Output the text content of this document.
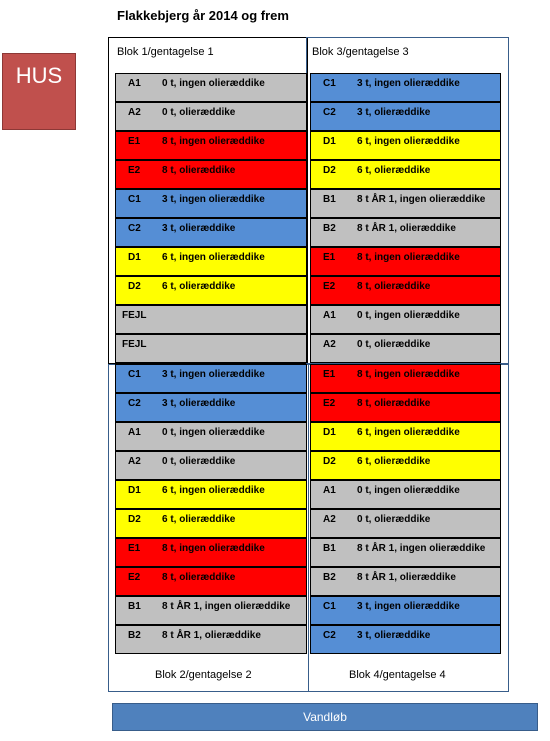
Flakkebjerg år 2014 og frem
HUS
Blok 1/gentagelse 1	Blok 3/gentagelse 3
Blok 2/gentagelse 2	Blok 4/gentagelse 4
A1	0 t, ingen olieræddike
A2	0 t, olieræddike
E1	8 t, ingen olieræddike
E2	8 t, olieræddike
C1	3 t, ingen olieræddike
C2	3 t, olieræddike
D1	6 t, ingen olieræddike
D2	6 t, olieræddike
FEJL
FEJL
C1	3 t, ingen olieræddike
C2	3 t, olieræddike
D1	6 t, ingen olieræddike
D2	6 t, olieræddike
B1	8 t ÅR 1, ingen olieræddike
B2	8 t ÅR 1, olieræddike
E1	8 t, ingen olieræddike
E2	8 t, olieræddike
A1	0 t, ingen olieræddike
A2	0 t, olieræddike
C1	3 t, ingen olieræddike
C2	3 t, olieræddike
A1	0 t, ingen olieræddike
A2	0 t, olieræddike
D1	6 t, ingen olieræddike
D2	6 t, olieræddike
E1	8 t, ingen olieræddike
E2	8 t, olieræddike
B1	8 t ÅR 1, ingen olieræddike
B2	8 t ÅR 1, olieræddike
E1	8 t, ingen olieræddike
E2	8 t, olieræddike
D1	6 t, ingen olieræddike
D2	6 t, olieræddike
A1	0 t, ingen olieræddike
A2	0 t, olieræddike
B1	8 t ÅR 1, ingen olieræddike
B2	8 t ÅR 1, olieræddike
C1	3 t, ingen olieræddike
C2	3 t, olieræddike
Vandløb
